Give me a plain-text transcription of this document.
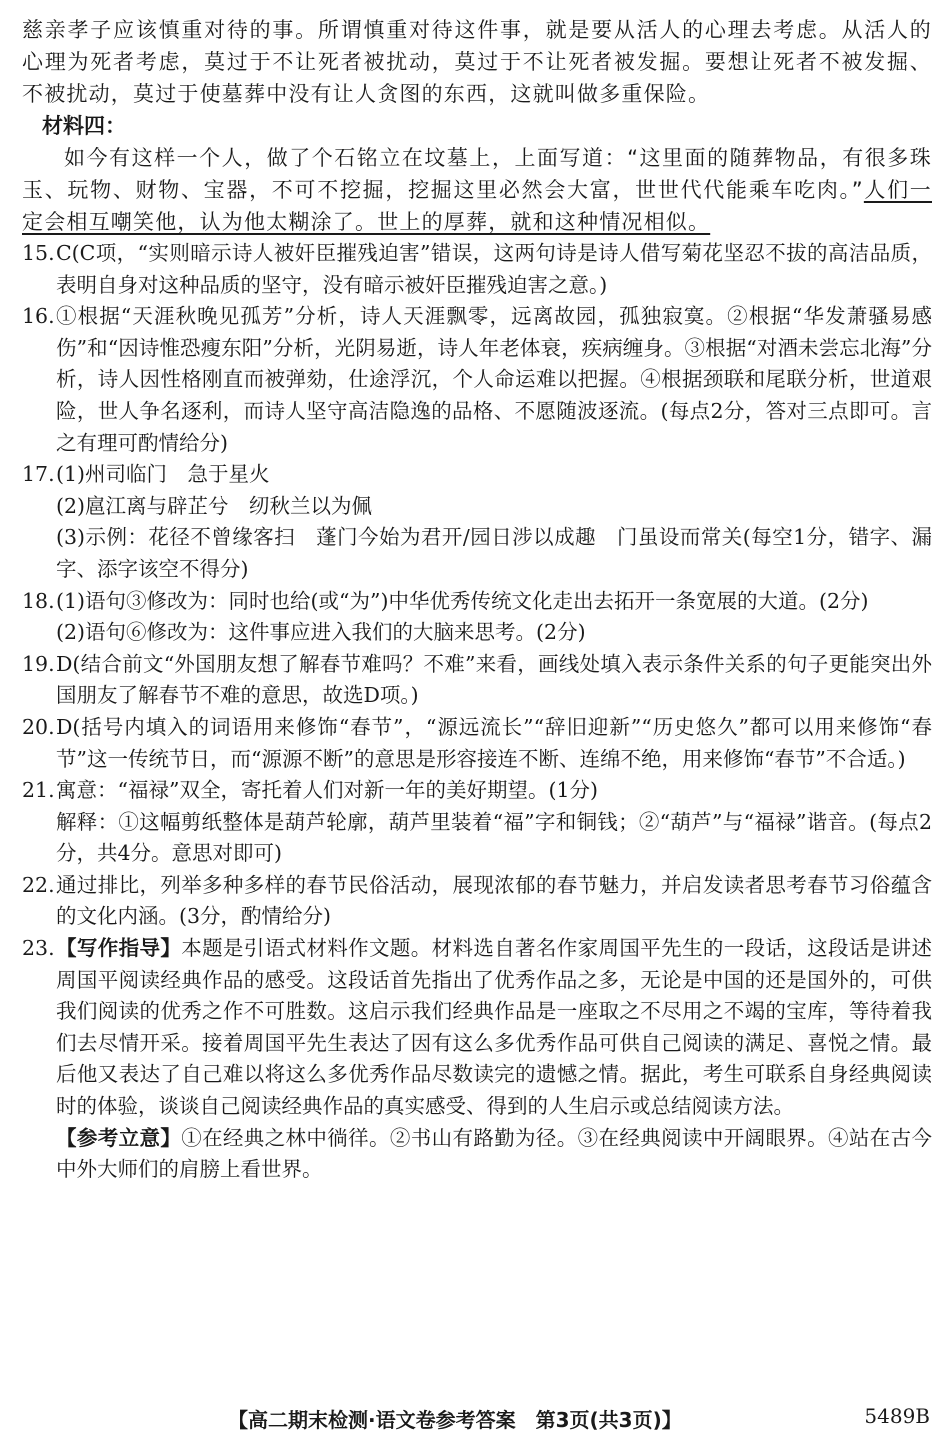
慈亲孝子应该慎重对待的事。所谓慎重对待这件事，就是要从活人的心理去考虑。从活人的心理为死者考虑，莫过于不让死者被扰动，莫过于不让死者被发掘。要想让死者不被发掘、不被扰动，莫过于使墓葬中没有让人贪图的东西，这就叫做多重保险。

材料四：

如今有这样一个人，做了个石铭立在坟墓上，上面写道：“这里面的随葬物品，有很多珠玉、玩物、财物、宝器，不可不挖掘，挖掘这里必然会大富，世世代代能乘车吃肉。”人们一定会相互嘲笑他，认为他太糊涂了。世上的厚葬，就和这种情况相似。

15. C(C项，“实则暗示诗人被奸臣摧残迫害”错误，这两句诗是诗人借写菊花坚忍不拔的高洁品质，表明自身对这种品质的坚守，没有暗示被奸臣摧残迫害之意。)
16. ①根据“天涯秋晚见孤芳”分析，诗人天涯飘零，远离故园，孤独寂寞。②根据“华发萧骚易感伤”和“因诗惟恐瘦东阳”分析，光阴易逝，诗人年老体衰，疾病缠身。③根据“对酒未尝忘北海”分析，诗人因性格刚直而被弹劾，仕途浮沉，个人命运难以把握。④根据颈联和尾联分析，世道艰险，世人争名逐利，而诗人坚守高洁隐逸的品格、不愿随波逐流。(每点2分，答对三点即可。言之有理可酌情给分)
17. (1)州司临门　急于星火
(2)扈江离与辟芷兮　纫秋兰以为佩
(3)示例：花径不曾缘客扫　蓬门今始为君开/园日涉以成趣　门虽设而常关(每空1分，错字、漏字、添字该空不得分)
18. (1)语句③修改为：同时也给(或“为”)中华优秀传统文化走出去拓开一条宽展的大道。(2分)
(2)语句⑥修改为：这件事应进入我们的大脑来思考。(2分)
19. D(结合前文“外国朋友想了解春节难吗？不难”来看，画线处填入表示条件关系的句子更能突出外国朋友了解春节不难的意思，故选D项。)
20. D(括号内填入的词语用来修饰“春节”，“源远流长”“辞旧迎新”“历史悠久”都可以用来修饰“春节”这一传统节日，而“源源不断”的意思是形容接连不断、连绵不绝，用来修饰“春节”不合适。)
21. 寓意：“福禄”双全，寄托着人们对新一年的美好期望。(1分)
解释：①这幅剪纸整体是葫芦轮廓，葫芦里装着“福”字和铜钱；②“葫芦”与“福禄”谐音。(每点2分，共4分。意思对即可)
22. 通过排比，列举多种多样的春节民俗活动，展现浓郁的春节魅力，并启发读者思考春节习俗蕴含的文化内涵。(3分，酌情给分)
23. 【写作指导】本题是引语式材料作文题。材料选自著名作家周国平先生的一段话，这段话是讲述周国平阅读经典作品的感受。这段话首先指出了优秀作品之多，无论是中国的还是国外的，可供我们阅读的优秀之作不可胜数。这启示我们经典作品是一座取之不尽用之不竭的宝库，等待着我们去尽情开采。接着周国平先生表达了因有这么多优秀作品可供自己阅读的满足、喜悦之情。最后他又表达了自己难以将这么多优秀作品尽数读完的遗憾之情。据此，考生可联系自身经典阅读时的体验，谈谈自己阅读经典作品的真实感受、得到的人生启示或总结阅读方法。
【参考立意】①在经典之林中徜徉。②书山有路勤为径。③在经典阅读中开阔眼界。④站在古今中外大师们的肩膀上看世界。
【高二期末检测·语文卷参考答案　第3页(共3页)】	5489B
